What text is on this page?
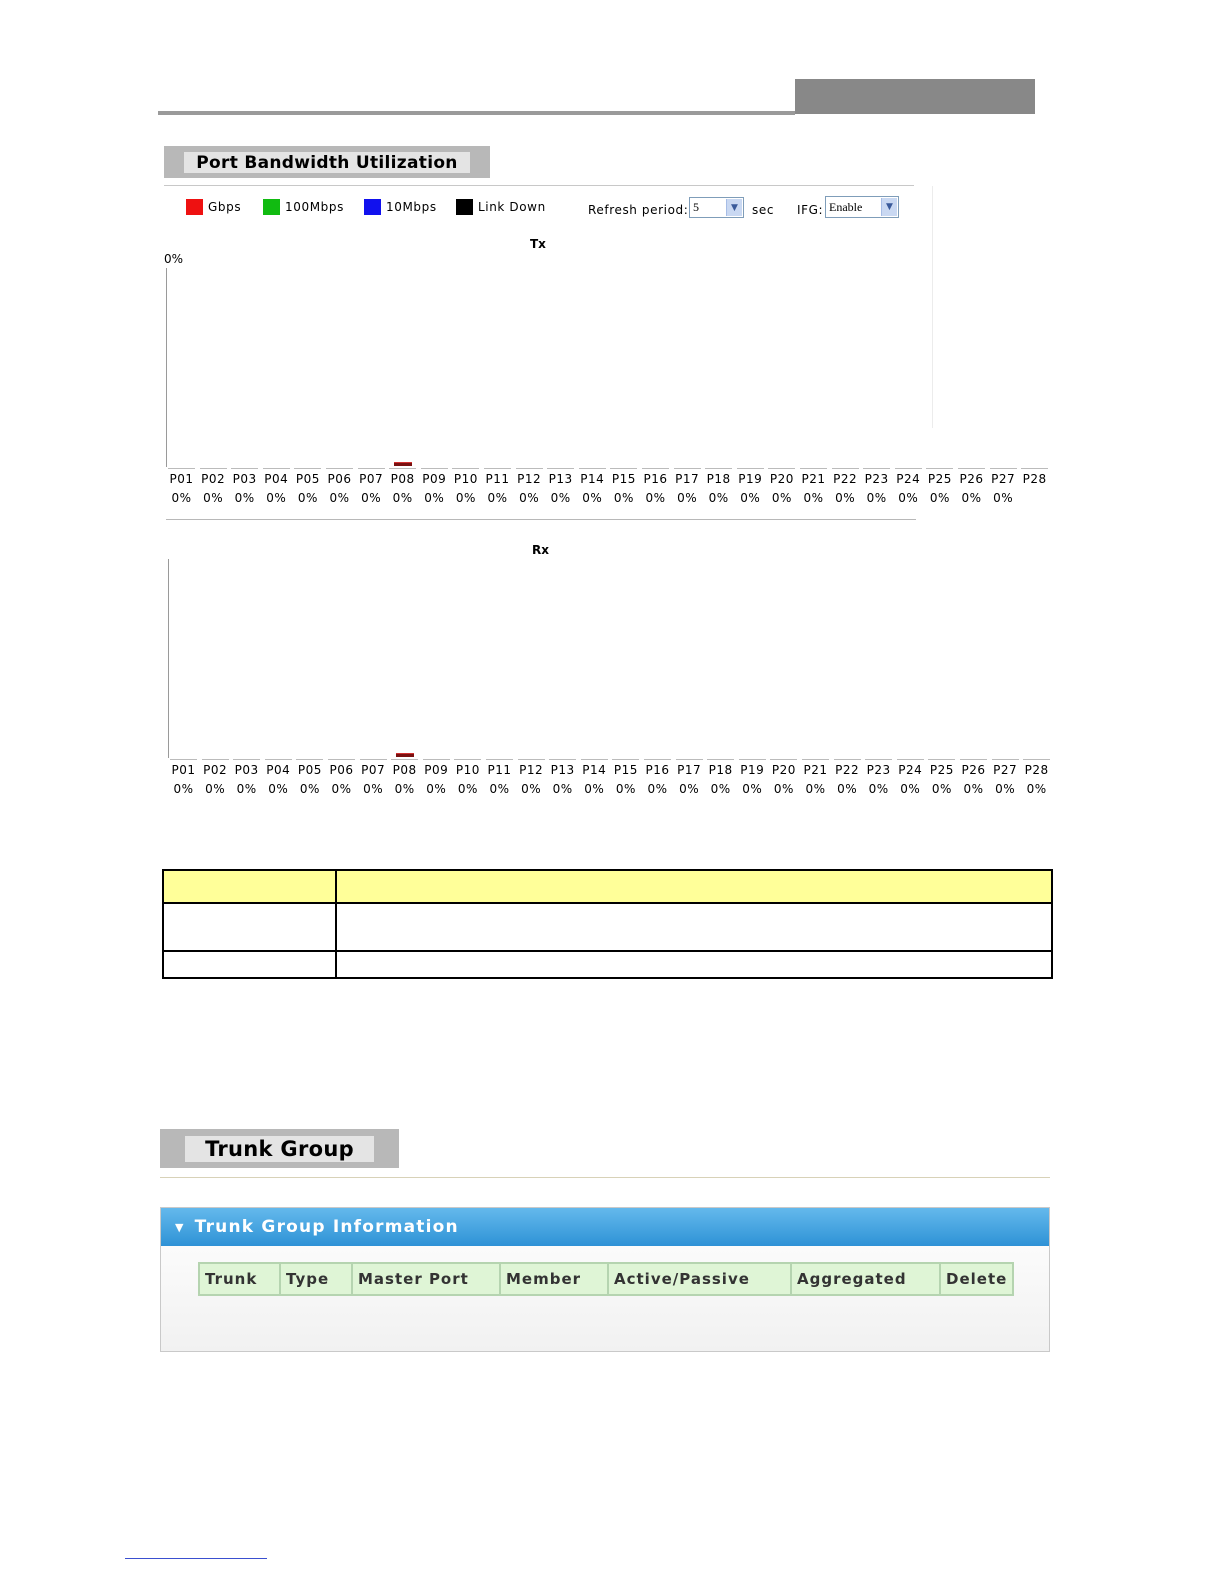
Port Bandwidth Utilization
Gbps	100Mbps	10Mbps	Link Down	Refresh period: 5	▼	sec IFG: Enable	▼
Tx
0%
P01 P02 P03 P04 P05 P06 P07 P08 P09 P10 P11 P12 P13 P14 P15 P16 P17 P18 P19 P20 P21 P22 P23 P24 P25 P26 P27 P28
0% 0% 0% 0% 0% 0% 0% 0% 0% 0% 0% 0% 0% 0% 0% 0% 0% 0% 0% 0% 0% 0% 0% 0% 0% 0% 0%
Rx
P01 P02 P03 P04 P05 P06 P07 P08 P09 P10 P11 P12 P13 P14 P15 P16 P17 P18 P19 P20 P21 P22 P23 P24 P25 P26 P27 P28
0% 0% 0% 0% 0% 0% 0% 0% 0% 0% 0% 0% 0% 0% 0% 0% 0% 0% 0% 0% 0% 0% 0% 0% 0% 0% 0% 0%

Trunk Group
▼ Trunk Group Information
Trunk	Type	Master Port	Member	Active/Passive	Aggregated	Delete
